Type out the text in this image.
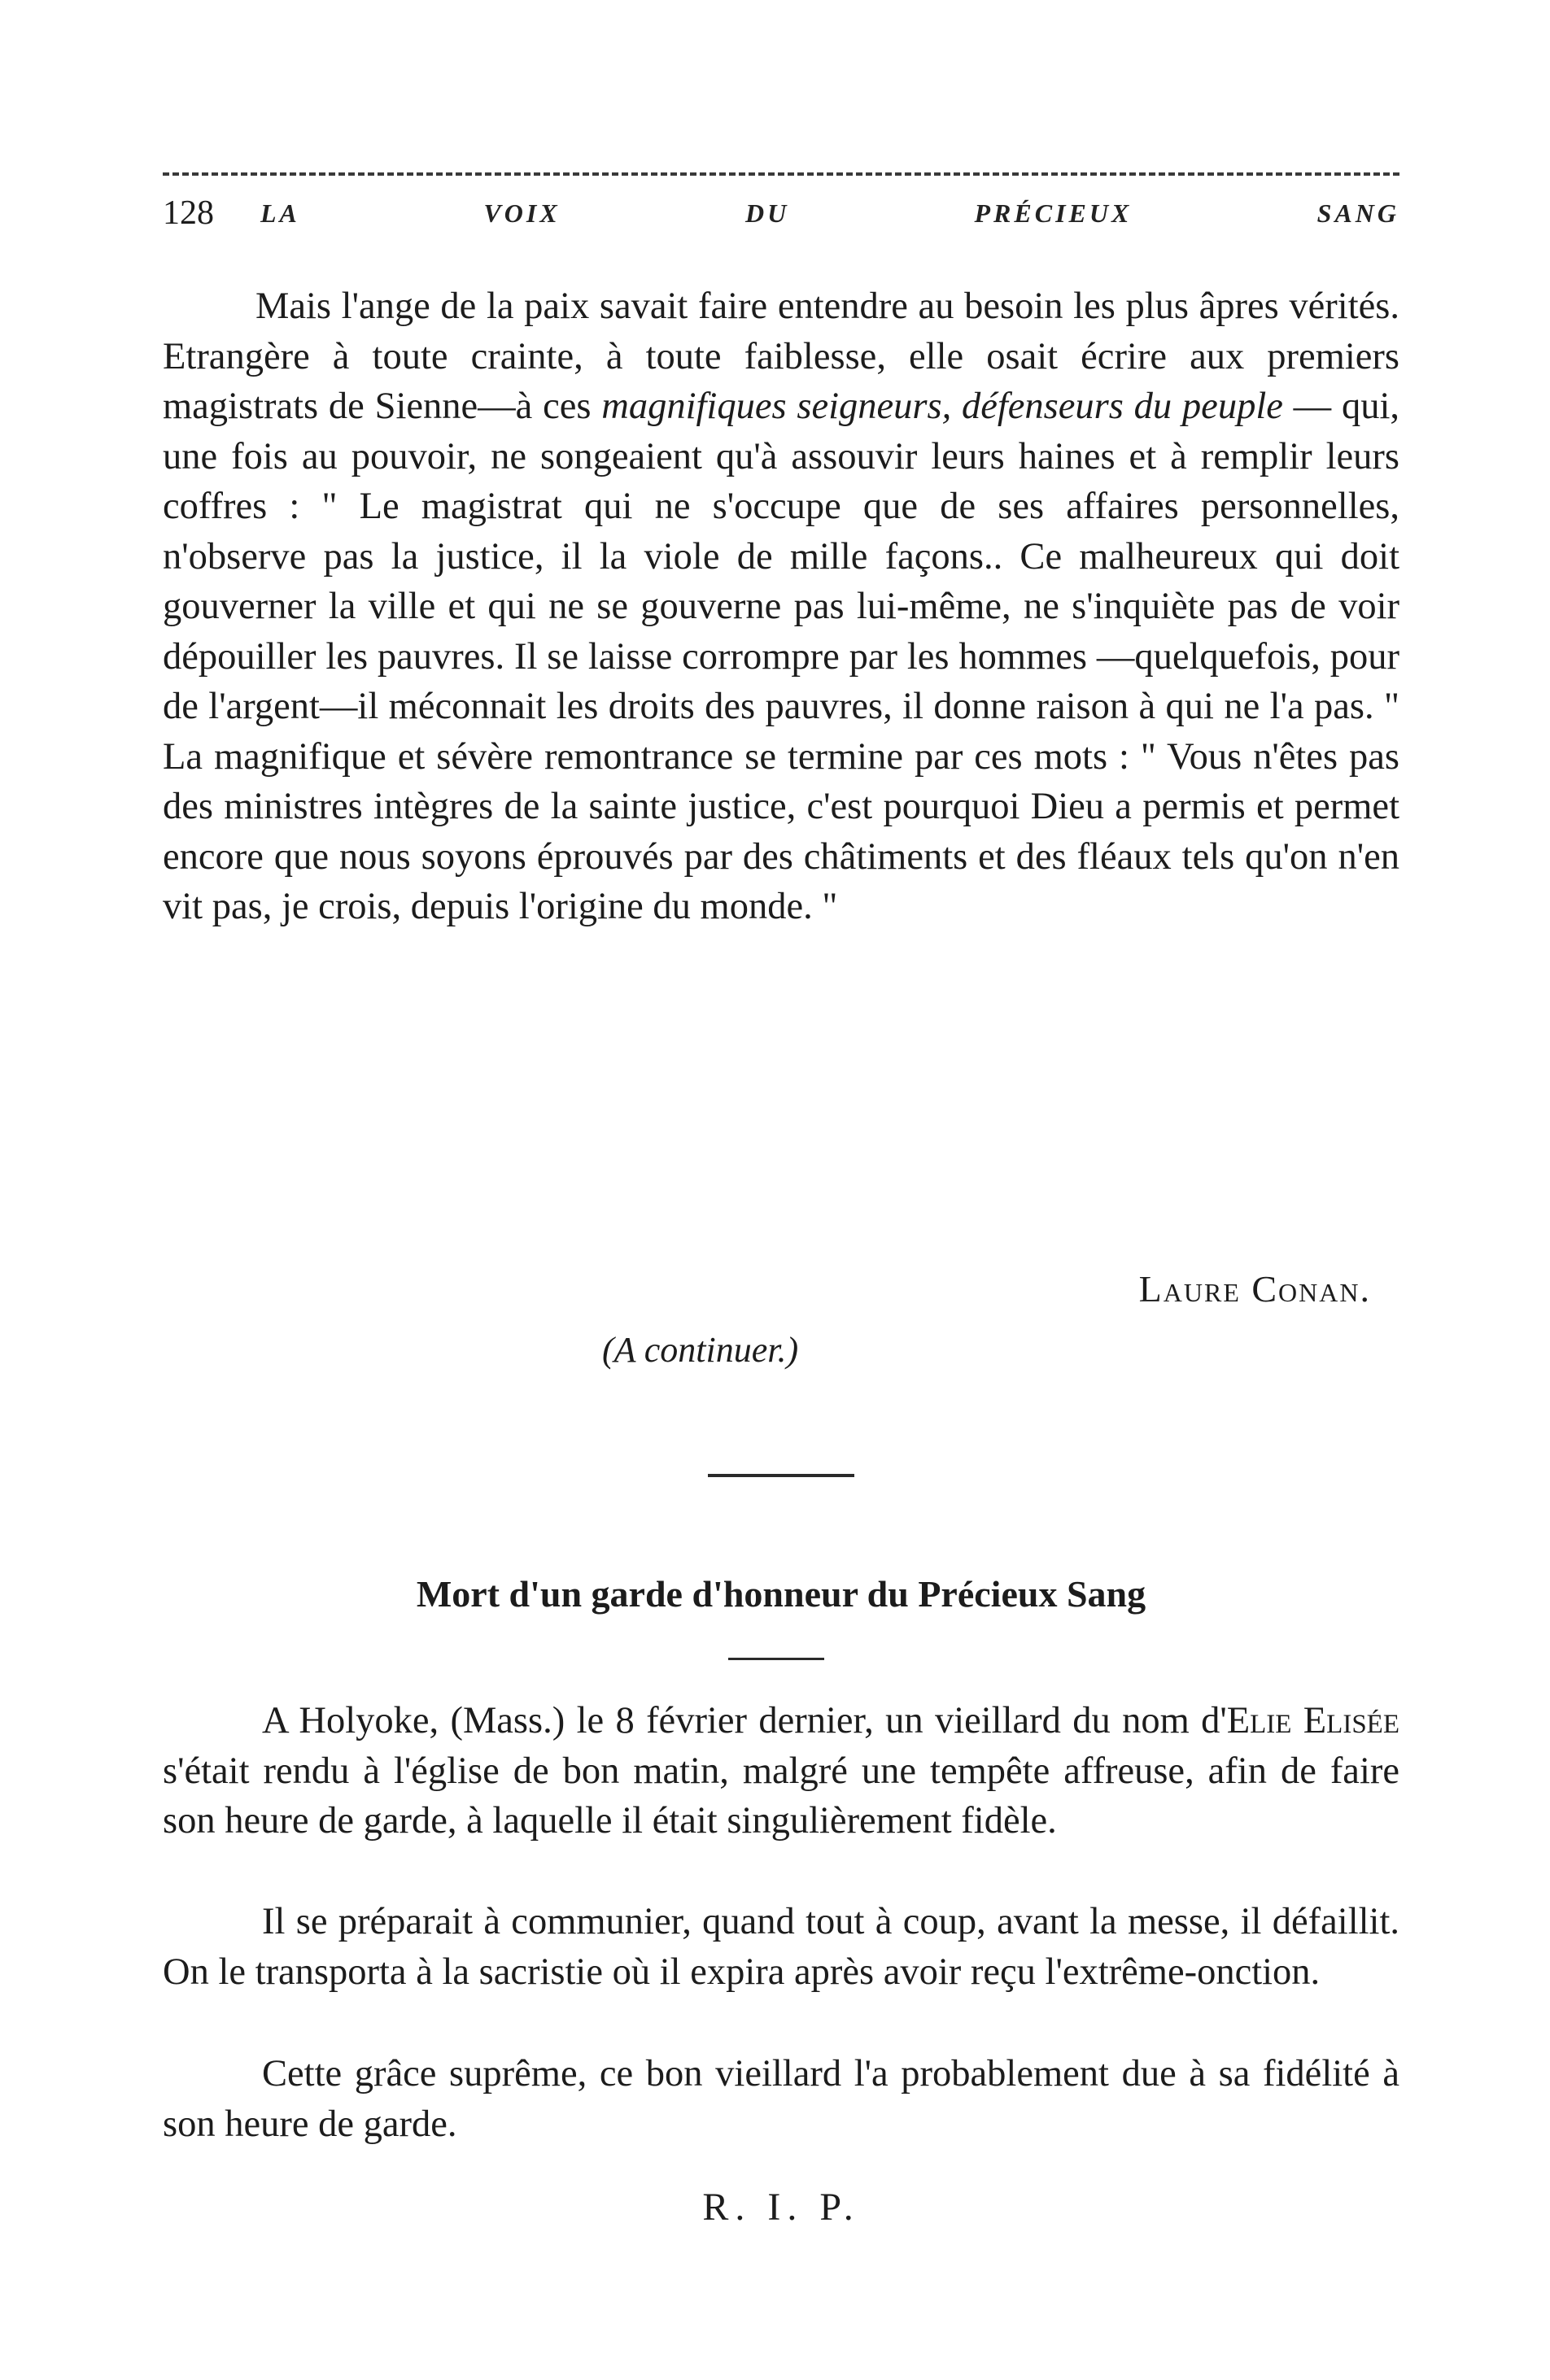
128 LA VOIX DU PRÉCIEUX SANG

Mais l'ange de la paix savait faire entendre au besoin les plus âpres vérités. Etrangère à toute crainte, à toute faiblesse, elle osait écrire aux premiers magistrats de Sienne—à ces magnifiques seigneurs, défenseurs du peuple — qui, une fois au pouvoir, ne songeaient qu'à assouvir leurs haines et à remplir leurs coffres : " Le magistrat qui ne s'occupe que de ses affaires personnelles, n'observe pas la justice, il la viole de mille façons.. Ce malheureux qui doit gouverner la ville et qui ne se gouverne pas lui-même, ne s'inquiète pas de voir dépouiller les pauvres. Il se laisse corrompre par les hommes —quelquefois, pour de l'argent—il méconnait les droits des pauvres, il donne raison à qui ne l'a pas. " La magnifique et sévère remontrance se termine par ces mots : " Vous n'êtes pas des ministres intègres de la sainte justice, c'est pourquoi Dieu a permis et permet encore que nous soyons éprouvés par des châtiments et des fléaux tels qu'on n'en vit pas, je crois, depuis l'origine du monde. "

Laure Conan.
(A continuer.)
Mort d'un garde d'honneur du Précieux Sang

A Holyoke, (Mass.) le 8 février dernier, un vieillard du nom d'Elie Elisée s'était rendu à l'église de bon matin, malgré une tempête affreuse, afin de faire son heure de garde, à laquelle il était singulièrement fidèle.

Il se préparait à communier, quand tout à coup, avant la messe, il défaillit. On le transporta à la sacristie où il expira après avoir reçu l'extrême-onction.

Cette grâce suprême, ce bon vieillard l'a probablement due à sa fidélité à son heure de garde.

R. I. P.
